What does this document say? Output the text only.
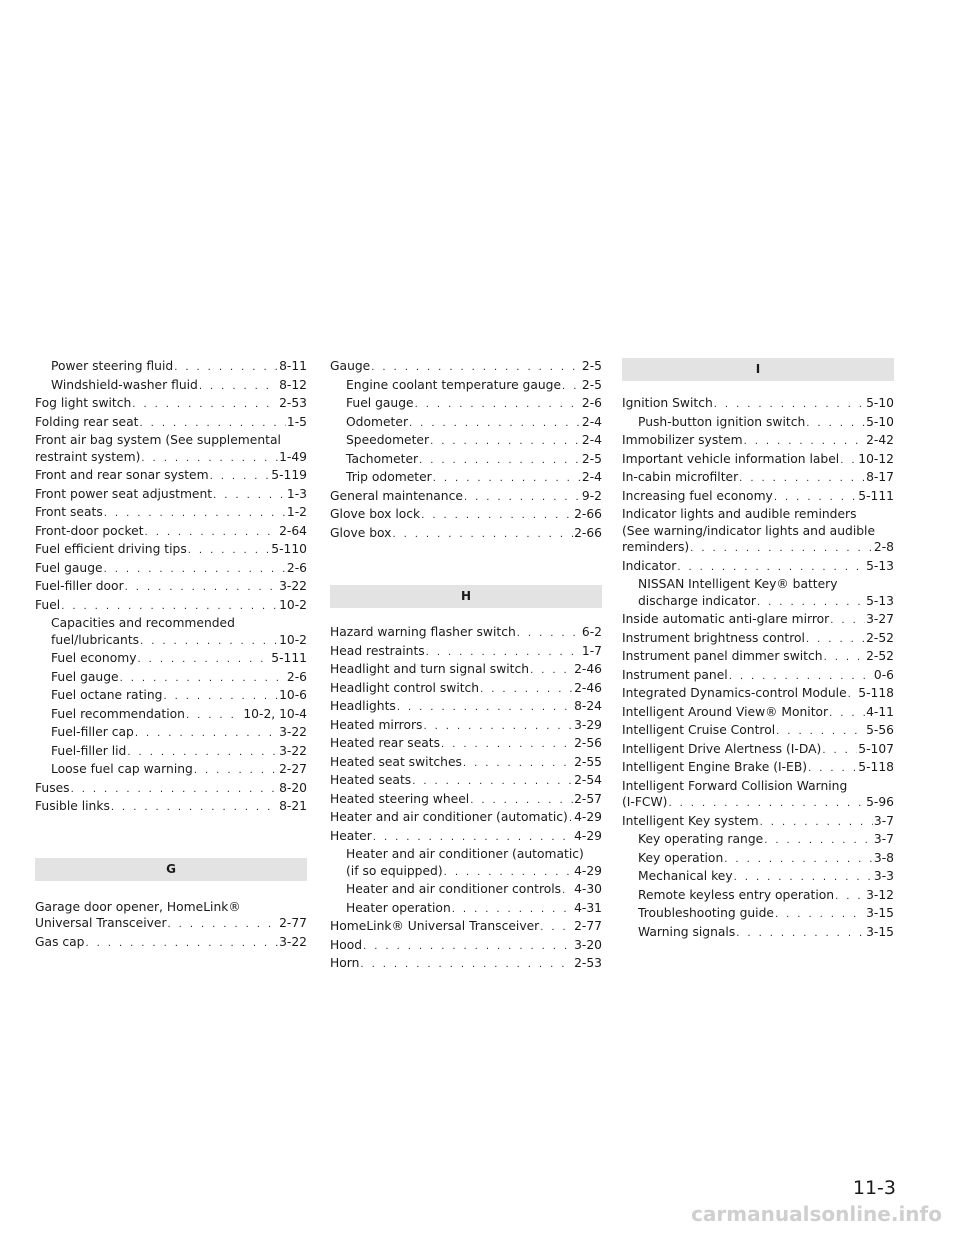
Power steering fluid . . .	8-11
Windshield-washer fluid . . .	8-12
Fog light switch . . .	2-53
Folding rear seat . . .	1-5
Front air bag system (See supplemental
restraint system) . . .	1-49
Front and rear sonar system . . .	5-119
Front power seat adjustment . . .	1-3
Front seats . . .	1-2
Front-door pocket . . .	2-64
Fuel efficient driving tips . . .	5-110
Fuel gauge . . .	2-6
Fuel-filler door . . .	3-22
Fuel . . .	10-2
Capacities and recommended
fuel/lubricants . . .	10-2
Fuel economy . . .	5-111
Fuel gauge . . .	2-6
Fuel octane rating . . .	10-6
Fuel recommendation . . .	10-2, 10-4
Fuel-filler cap . . .	3-22
Fuel-filler lid . . .	3-22
Loose fuel cap warning . . .	2-27
Fuses . . .	8-20
Fusible links . . .	8-21
G
Garage door opener, HomeLink®
Universal Transceiver . . .	2-77
Gas cap . . .	3-22
Gauge . . .	2-5
Engine coolant temperature gauge . . . 2-5
Fuel gauge . . .	2-6
Odometer . . .	2-4
Speedometer . . .	2-4
Tachometer . . .	2-5
Trip odometer . . .	2-4
General maintenance . . .	9-2
Glove box lock . . .	2-66
Glove box . . .	2-66
H
Hazard warning flasher switch . . .	6-2
Head restraints . . .	1-7
Headlight and turn signal switch . . .	2-46
Headlight control switch . . .	2-46
Headlights . . .	8-24
Heated mirrors . . .	3-29
Heated rear seats . . .	2-56
Heated seat switches . . .	2-55
Heated seats . . .	2-54
Heated steering wheel . . .	2-57
Heater and air conditioner (automatic) . . . 4-29
Heater . . .	4-29
Heater and air conditioner (automatic)
(if so equipped) . . .	4-29
Heater and air conditioner controls . . . 4-30
Heater operation . . .	4-31
HomeLink® Universal Transceiver . . .	2-77
Hood . . .	3-20
Horn . . .	2-53
I
Ignition Switch . . .	5-10
Push-button ignition switch . . .	5-10
Immobilizer system . . .	2-42
Important vehicle information label . . . 10-12
In-cabin microfilter . . .	8-17
Increasing fuel economy . . .	5-111
Indicator lights and audible reminders
(See warning/indicator lights and audible
reminders) . . .	2-8
Indicator . . .	5-13
NISSAN Intelligent Key® battery
discharge indicator . . .	5-13
Inside automatic anti-glare mirror . . .	3-27
Instrument brightness control . . .	2-52
Instrument panel dimmer switch . . .	2-52
Instrument panel . . .	0-6
Integrated Dynamics-control Module . . . 5-118
Intelligent Around View® Monitor . . .	4-11
Intelligent Cruise Control . . .	5-56
Intelligent Drive Alertness (I-DA) . . .	5-107
Intelligent Engine Brake (I-EB) . . .	5-118
Intelligent Forward Collision Warning
(I-FCW) . . .	5-96
Intelligent Key system . . .	3-7
Key operating range . . .	3-7
Key operation . . .	3-8
Mechanical key . . .	3-3
Remote keyless entry operation . . .	3-12
Troubleshooting guide . . .	3-15
Warning signals . . .	3-15
11-3
carmanualsonline.info
